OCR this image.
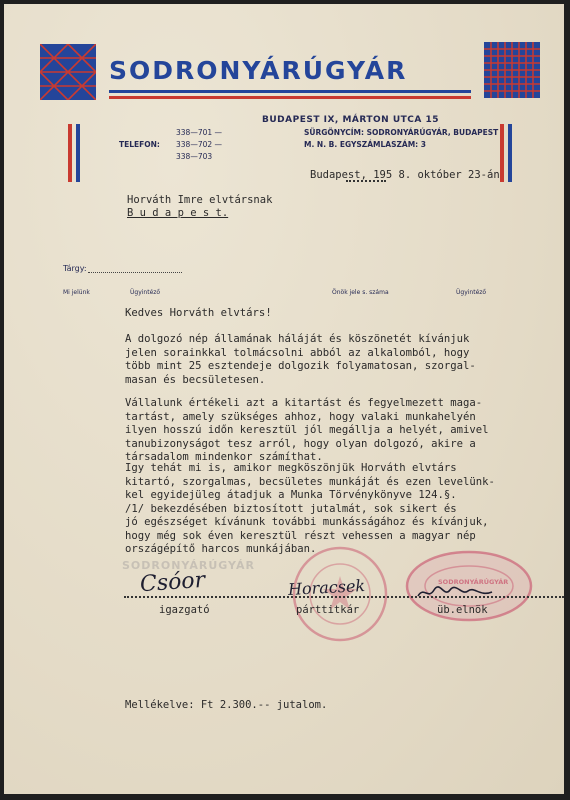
SODRONYÁRÚGYÁR
BUDAPEST IX, MÁRTON UTCA 15
SÜRGÖNYCÍM: SODRONYÁRÚGYÁR, BUDAPEST
M. N. B. EGYSZÁMLASZÁM: 3
TELEFON:
338—701 —
338—702 —
338—703
Budapest, 195 8. október 23-án
Horváth Imre elvtársnak
B u d a p e s t.
Tárgy:
Mi jelünk	Ügyintéző	Önök jele s. száma	Ügyintéző
Kedves Horváth elvtárs!
A dolgozó nép államának háláját és köszönetét kívánjuk
jelen sorainkkal tolmácsolni abból az alkalomból, hogy
több mint 25 esztendeje dolgozik folyamatosan, szorgal-
masan és becsületesen.
Vállalunk értékeli azt a kitartást és fegyelmezett maga-
tartást, amely szükséges ahhoz, hogy valaki munkahelyén
ilyen hosszú időn keresztül jól megállja a helyét, amivel
tanubizonyságot tesz arról, hogy olyan dolgozó, akire a
társadalom mindenkor számíthat.
Igy tehát mi is, amikor megköszönjük Horváth elvtárs
kitartó, szorgalmas, becsületes munkáját és ezen levelünk-
kel egyidejüleg átadjuk a Munka Törvénykönyve 124.§.
/1/ bekezdésében biztosított jutalmát, sok sikert és
jó egészséget kívánunk további munkásságához és kívánjuk,
hogy még sok éven keresztül részt vehessen a magyar nép
országépítő harcos munkájában.
SODRONYÁRÚGYÁR
SODRONYÁRÚGYÁR
Csóor	Horacsek
igazgató	párttitkár	üb.elnök
Mellékelve: Ft 2.300.-- jutalom.
